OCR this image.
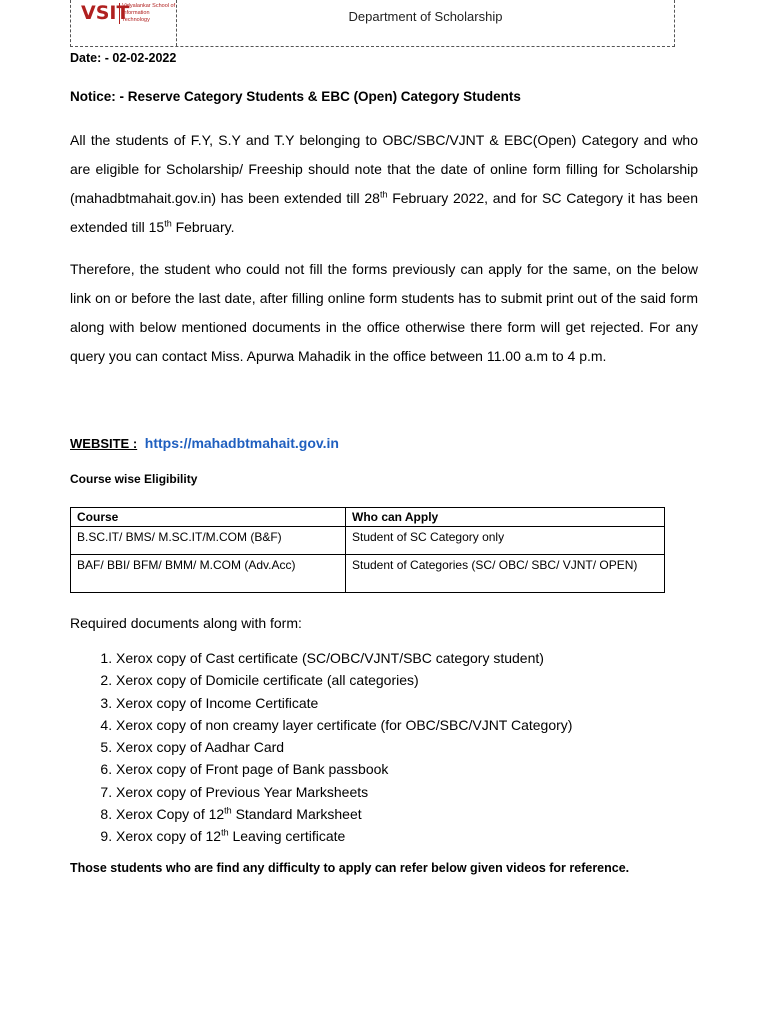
VSIT
Vidyalankar School of Information Technology	Department of Scholarship
Date: - 02-02-2022
Notice: - Reserve Category Students & EBC (Open) Category Students
All the students of F.Y, S.Y and T.Y belonging to OBC/SBC/VJNT & EBC(Open) Category and who are eligible for Scholarship/ Freeship should note that the date of online form filling for Scholarship (mahadbtmahait.gov.in) has been extended till 28th February 2022, and for SC Category it has been extended till 15th February.
Therefore, the student who could not fill the forms previously can apply for the same, on the below link on or before the last date, after filling online form students has to submit print out of the said form along with below mentioned documents in the office otherwise there form will get rejected. For any query you can contact Miss. Apurwa Mahadik in the office between 11.00 a.m to 4 p.m.
WEBSITE : https://mahadbtmahait.gov.in
Course wise Eligibility
Course	Who can Apply
B.SC.IT/ BMS/ M.SC.IT/M.COM (B&F)	Student of SC Category only
BAF/ BBI/ BFM/ BMM/ M.COM (Adv.Acc)	Student of Categories (SC/ OBC/ SBC/ VJNT/ OPEN)
Required documents along with form:
1. Xerox copy of Cast certificate (SC/OBC/VJNT/SBC category student)
2. Xerox copy of Domicile certificate (all categories)
3. Xerox copy of Income Certificate
4. Xerox copy of non creamy layer certificate (for OBC/SBC/VJNT Category)
5. Xerox copy of Aadhar Card
6. Xerox copy of Front page of Bank passbook
7. Xerox copy of Previous Year Marksheets
8. Xerox Copy of 12th Standard Marksheet
9. Xerox copy of 12th Leaving certificate
Those students who are find any difficulty to apply can refer below given videos for reference.
